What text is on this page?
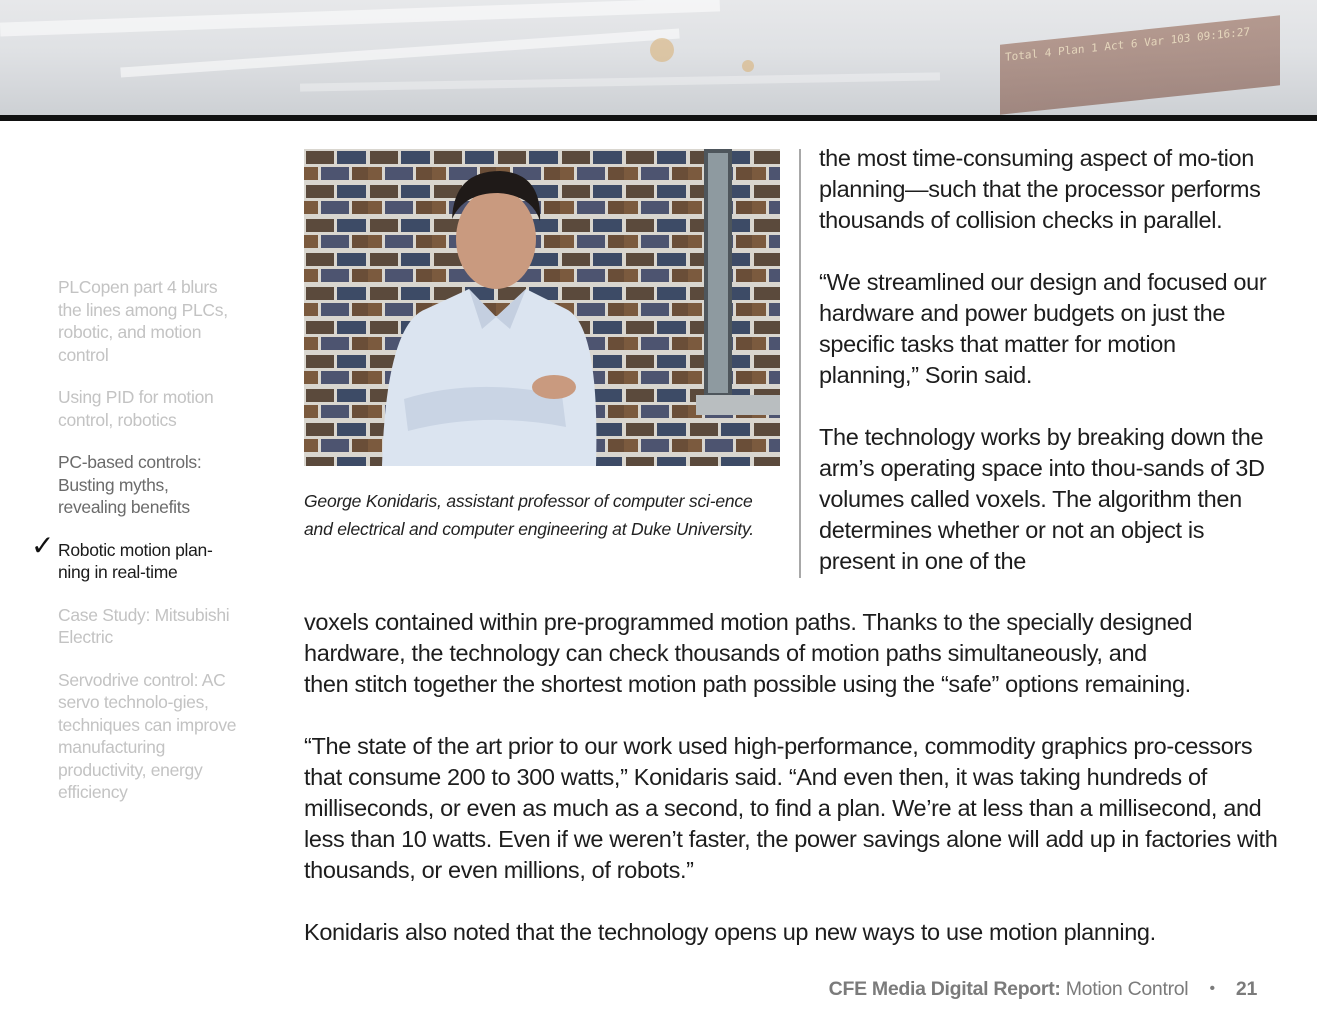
Total 4 Plan 1 Act 6 Var 103 09:16:27
PLCopen part 4 blurs the lines among PLCs, robotic, and motion control
Using PID for motion control, robotics
PC-based controls: Busting myths, revealing benefits
✓ Robotic motion plan-ning in real-time
Case Study: Mitsubishi Electric
Servodrive control: AC servo technolo-gies, techniques can improve manufacturing productivity, energy efficiency
George Konidaris, assistant professor of computer sci-ence and electrical and computer engineering at Duke University.

the most time-consuming aspect of mo-tion planning—such that the processor performs thousands of collision checks in parallel.

“We streamlined our design and focused our hardware and power budgets on just the specific tasks that matter for motion planning,” Sorin said.

The technology works by breaking down the arm’s operating space into thou-sands of 3D volumes called voxels. The algorithm then determines whether or not an object is present in one of the

voxels contained within pre-programmed motion paths. Thanks to the specially designed
hardware, the technology can check thousands of motion paths simultaneously, and
then stitch together the shortest motion path possible using the “safe” options remaining.

“The state of the art prior to our work used high-performance, commodity graphics pro-cessors that consume 200 to 300 watts,” Konidaris said. “And even then, it was taking hundreds of milliseconds, or even as much as a second, to find a plan. We’re at less than a millisecond, and less than 10 watts. Even if we weren’t faster, the power savings alone will add up in factories with thousands, or even millions, of robots.”

Konidaris also noted that the technology opens up new ways to use motion planning.

CFE Media Digital Report: Motion Control • 21
